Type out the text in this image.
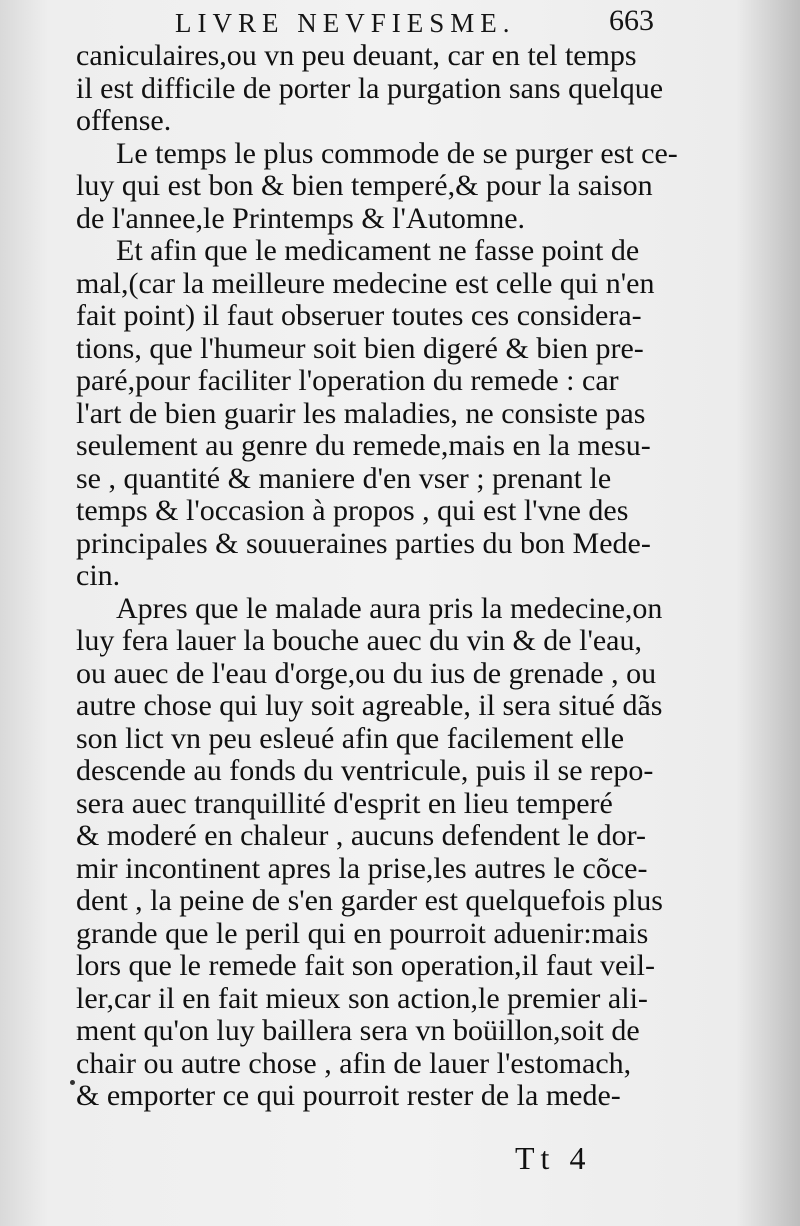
LIVRE NEVFIESME.	663
caniculaires,ou vn peu deuant, car en tel temps
il est difficile de porter la purgation sans quelque
offense.
Le temps le plus commode de se purger est ce-
luy qui est bon & bien temperé,& pour la saison
de l'annee,le Printemps & l'Automne.
Et afin que le medicament ne fasse point de
mal,(car la meilleure medecine est celle qui n'en
fait point) il faut obseruer toutes ces considera-
tions, que l'humeur soit bien digeré & bien pre-
paré,pour faciliter l'operation du remede : car
l'art de bien guarir les maladies, ne consiste pas
seulement au genre du remede,mais en la mesu-
se , quantité & maniere d'en vser ; prenant le
temps & l'occasion à propos , qui est l'vne des
principales & souueraines parties du bon Mede-
cin.
Apres que le malade aura pris la medecine,on
luy fera lauer la bouche auec du vin & de l'eau,
ou auec de l'eau d'orge,ou du ius de grenade , ou
autre chose qui luy soit agreable, il sera situé dãs
son lict vn peu esleué afin que facilement elle
descende au fonds du ventricule, puis il se repo-
sera auec tranquillité d'esprit en lieu temperé
& moderé en chaleur , aucuns defendent le dor-
mir incontinent apres la prise,les autres le cõce-
dent , la peine de s'en garder est quelquefois plus
grande que le peril qui en pourroit aduenir:mais
lors que le remede fait son operation,il faut veil-
ler,car il en fait mieux son action,le premier ali-
ment qu'on luy baillera sera vn boüillon,soit de
chair ou autre chose , afin de lauer l'estomach,
& emporter ce qui pourroit rester de la mede-
Tt 4
